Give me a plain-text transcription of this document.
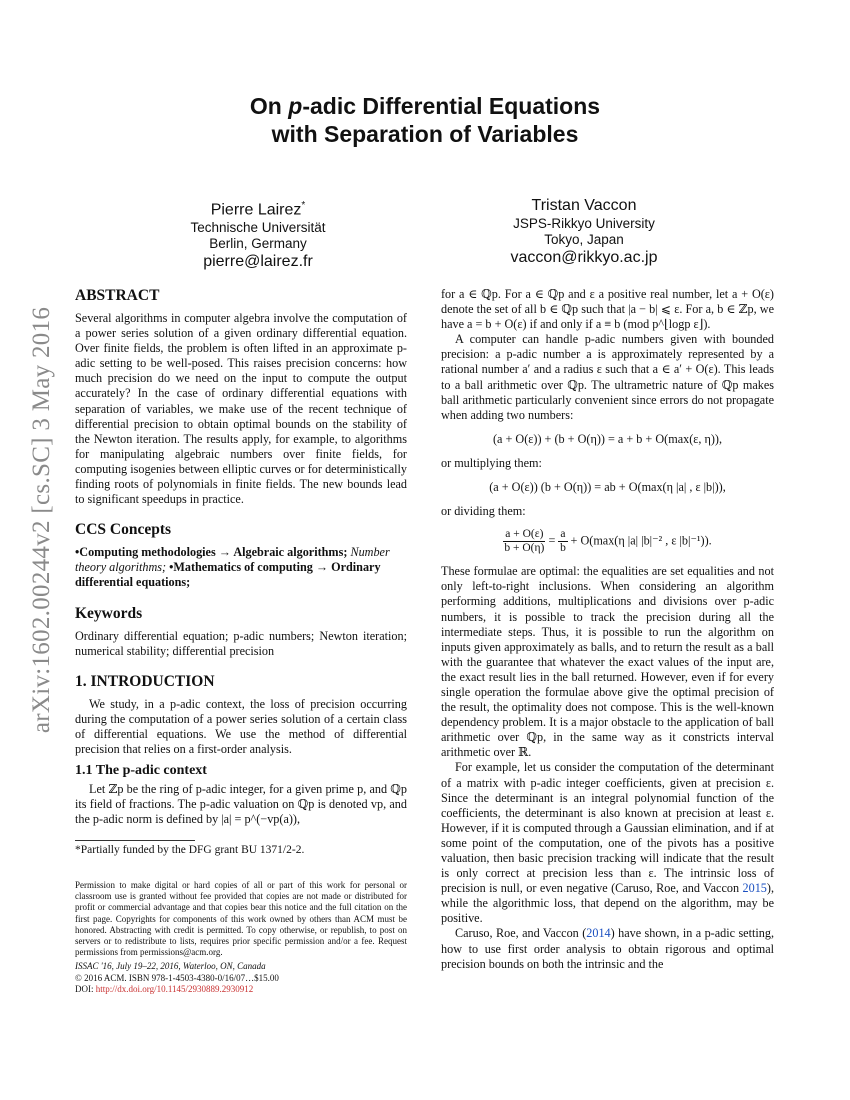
arXiv:1602.00244v2 [cs.SC] 3 May 2016
On p-adic Differential Equations
with Separation of Variables
Pierre Lairez*
Technische Universität
Berlin, Germany
pierre@lairez.fr
Tristan Vaccon
JSPS-Rikkyo University
Tokyo, Japan
vaccon@rikkyo.ac.jp
ABSTRACT

Several algorithms in computer algebra involve the computation of a power series solution of a given ordinary differential equation. Over finite fields, the problem is often lifted in an approximate p-adic setting to be well-posed. This raises precision concerns: how much precision do we need on the input to compute the output accurately? In the case of ordinary differential equations with separation of variables, we make use of the recent technique of differential precision to obtain optimal bounds on the stability of the Newton iteration. The results apply, for example, to algorithms for manipulating algebraic numbers over finite fields, for computing isogenies between elliptic curves or for deterministically finding roots of polynomials in finite fields. The new bounds lead to significant speedups in practice.

CCS Concepts

•Computing methodologies → Algebraic algorithms; Number theory algorithms; •Mathematics of computing → Ordinary differential equations;

Keywords

Ordinary differential equation; p-adic numbers; Newton iteration; numerical stability; differential precision

1. INTRODUCTION

We study, in a p-adic context, the loss of precision occurring during the computation of a power series solution of a certain class of differential equations. We use the method of differential precision that relies on a first-order analysis.

1.1 The p-adic context

Let ℤp be the ring of p-adic integer, for a given prime p, and ℚp its field of fractions. The p-adic valuation on ℚp is denoted vp, and the p-adic norm is defined by |a| = p^(−vp(a)),

*Partially funded by the DFG grant BU 1371/2-2.

Permission to make digital or hard copies of all or part of this work for personal or classroom use is granted without fee provided that copies are not made or distributed for profit or commercial advantage and that copies bear this notice and the full citation on the first page. Copyrights for components of this work owned by others than ACM must be honored. Abstracting with credit is permitted. To copy otherwise, or republish, to post on servers or to redistribute to lists, requires prior specific permission and/or a fee. Request permissions from permissions@acm.org.

ISSAC '16, July 19–22, 2016, Waterloo, ON, Canada

© 2016 ACM. ISBN 978-1-4503-4380-0/16/07…$15.00

DOI: http://dx.doi.org/10.1145/2930889.2930912

for a ∈ ℚp. For a ∈ ℚp and ε a positive real number, let a + O(ε) denote the set of all b ∈ ℚp such that |a − b| ⩽ ε. For a, b ∈ ℤp, we have a = b + O(ε) if and only if a ≡ b (mod p^⌊logp ε⌋).

A computer can handle p-adic numbers given with bounded precision: a p-adic number a is approximately represented by a rational number a′ and a radius ε such that a ∈ a′ + O(ε). This leads to a ball arithmetic over ℚp. The ultrametric nature of ℚp makes ball arithmetic particularly convenient since errors do not propagate when adding two numbers:

(a + O(ε)) + (b + O(η)) = a + b + O(max(ε, η)),

or multiplying them:

(a + O(ε)) (b + O(η)) = ab + O(max(η |a| , ε |b|)),

or dividing them:

$\frac{a + O(\varepsilon)}{b + O(\eta)} = \frac{a}{b} + O(\max(\eta$ |a| |b|⁻² , ε |b|⁻¹)).

These formulae are optimal: the equalities are set equalities and not only left-to-right inclusions. When considering an algorithm performing additions, multiplications and divisions over p-adic numbers, it is possible to track the precision during all the intermediate steps. Thus, it is possible to run the algorithm on inputs given approximately as balls, and to return the result as a ball with the guarantee that whatever the exact values of the input are, the exact result lies in the ball returned. However, even if for every single operation the formulae above give the optimal precision of the result, the optimality does not compose. This is the well-known dependency problem. It is a major obstacle to the application of ball arithmetic over ℚp, in the same way as it constricts interval arithmetic over ℝ.

For example, let us consider the computation of the determinant of a matrix with p-adic integer coefficients, given at precision ε. Since the determinant is an integral polynomial function of the coefficients, the determinant is also known at precision at least ε. However, if it is computed through a Gaussian elimination, and if at some point of the computation, one of the pivots has a positive valuation, then basic precision tracking will indicate that the result is only correct at precision less than ε. The intrinsic loss of precision is null, or even negative (Caruso, Roe, and Vaccon 2015), while the algorithmic loss, that depend on the algorithm, may be positive.

Caruso, Roe, and Vaccon (2014) have shown, in a p-adic setting, how to use first order analysis to obtain rigorous and optimal precision bounds on both the intrinsic and the
